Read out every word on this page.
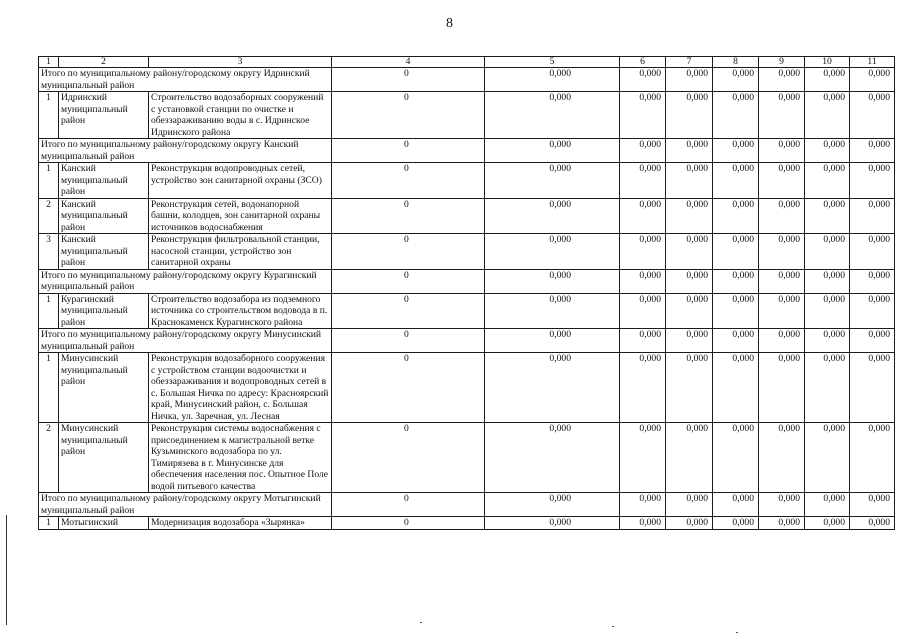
8
1	2	3	4	5	6	7	8	9	10	11
Итого по муниципальному району/городскому округу Идринский муниципальный район			0	0,000	0,000	0,000	0,000	0,000	0,000	0,000
1	Идринский муниципальный район	Строительство водозаборных сооружений с установкой станции по очистке и обеззараживанию воды в с. Идринское Идринского района	0	0,000	0,000	0,000	0,000	0,000	0,000	0,000
Итого по муниципальному району/городскому округу Канский муниципальный район			0	0,000	0,000	0,000	0,000	0,000	0,000	0,000
1	Канский муниципальный район	Реконструкция водопроводных сетей, устройство зон санитарной охраны (ЗСО)	0	0,000	0,000	0,000	0,000	0,000	0,000	0,000
2	Канский муниципальный район	Реконструкция сетей, водонапорной башни, колодцев, зон санитарной охраны источников водоснабжения	0	0,000	0,000	0,000	0,000	0,000	0,000	0,000
3	Канский муниципальный район	Реконструкция фильтровальной станции, насосной станции, устройство зон санитарной охраны	0	0,000	0,000	0,000	0,000	0,000	0,000	0,000
Итого по муниципальному району/городскому округу Курагинский муниципальный район			0	0,000	0,000	0,000	0,000	0,000	0,000	0,000
1	Курагинский муниципальный район	Строительство водозабора из подземного источника со строительством водовода в п. Краснокаменск Курагинского района	0	0,000	0,000	0,000	0,000	0,000	0,000	0,000
Итого по муниципальному району/городскому округу Минусинский муниципальный район			0	0,000	0,000	0,000	0,000	0,000	0,000	0,000
1	Минусинский муниципальный район	Реконструкция водозаборного сооружения с устройством станции водоочистки и обеззараживания и водопроводных сетей в с. Большая Ничка по адресу: Красноярский край, Минусинский район, с. Большая Ничка, ул. Заречная, ул. Лесная	0	0,000	0,000	0,000	0,000	0,000	0,000	0,000
2	Минусинский муниципальный район	Реконструкция системы водоснабжения с присоединением к магистральной ветке Кузьминского водозабора по ул. Тимирязева в г. Минусинске для обеспечения населения пос. Опытное Поле водой питьевого качества	0	0,000	0,000	0,000	0,000	0,000	0,000	0,000
Итого по муниципальному району/городскому округу Мотыгинский муниципальный район			0	0,000	0,000	0,000	0,000	0,000	0,000	0,000
1	Мотыгинский	Модернизация водозабора «Зырянка»	0	0,000	0,000	0,000	0,000	0,000	0,000	0,000
